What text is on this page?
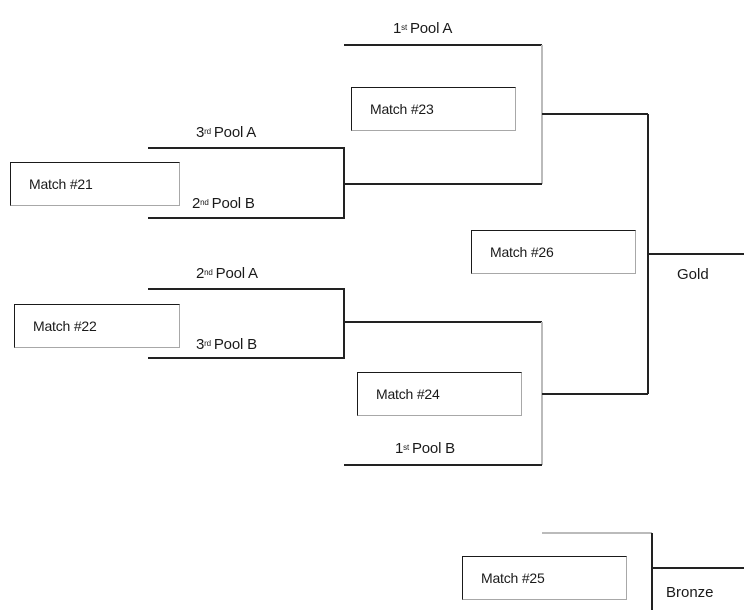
Match #21
Match #22
Match #23
Match #24
Match #26
Match #25
1st Pool A
3rd Pool A
2nd Pool B
2nd Pool A
3rd Pool B
1st Pool B
Gold
Bronze
